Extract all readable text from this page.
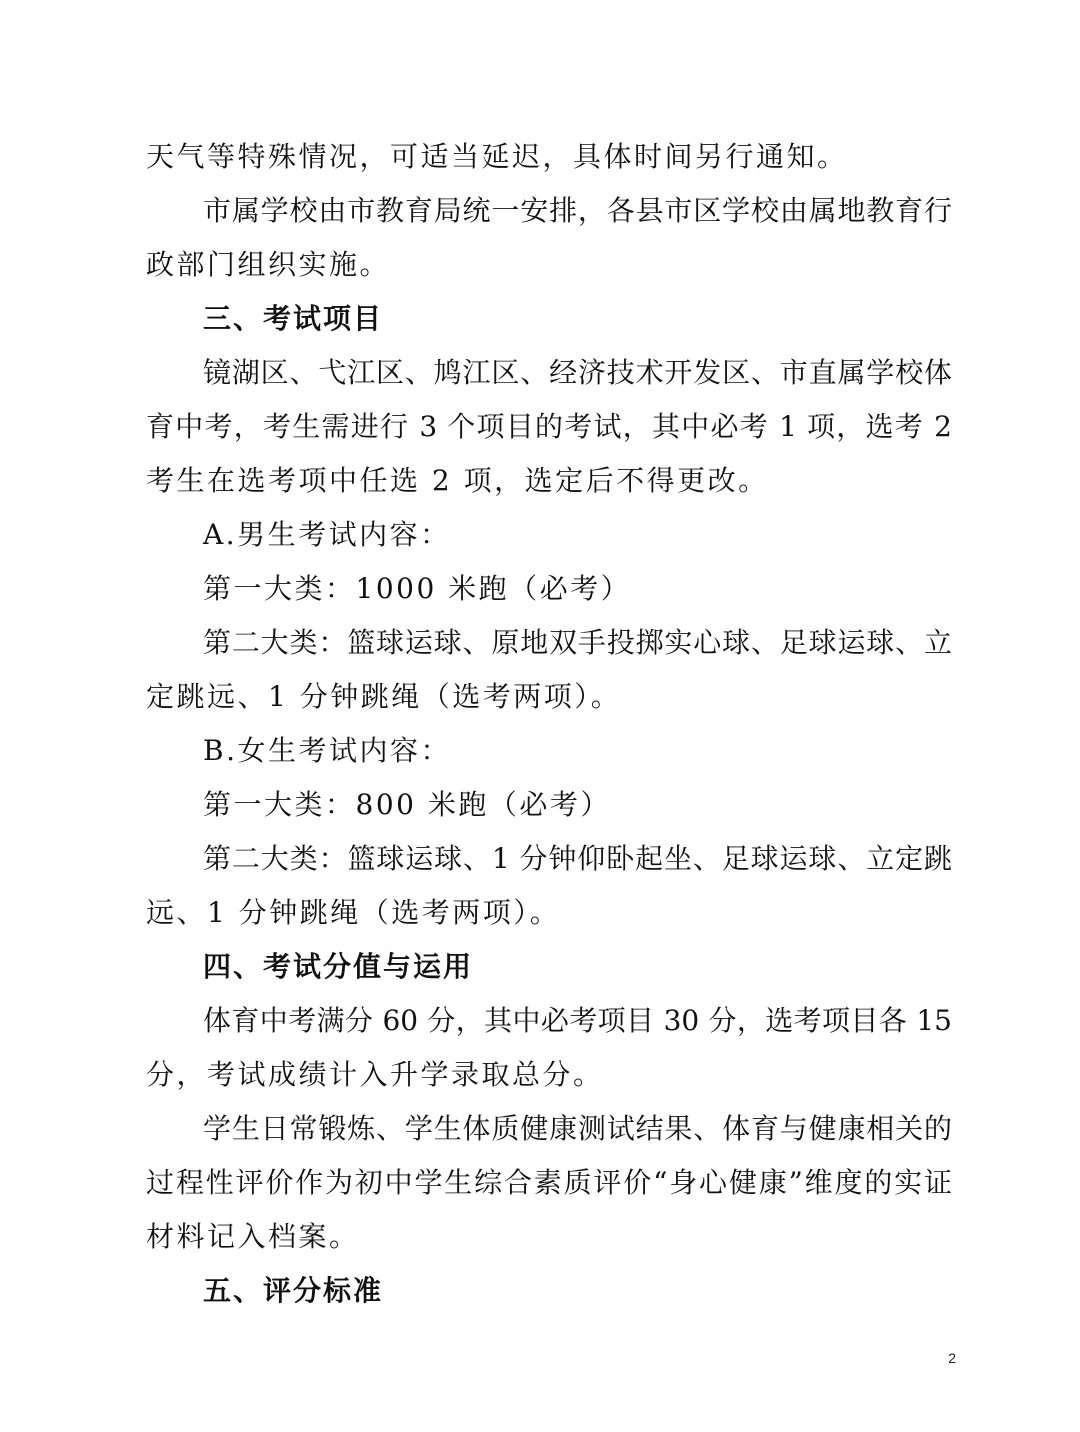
天气等特殊情况，可适当延迟，具体时间另行通知。
市属学校由市教育局统一安排，各县市区学校由属地教育行
政部门组织实施。
三、考试项目
镜湖区、弋江区、鸠江区、经济技术开发区、市直属学校体
育中考，考生需进行 3 个项目的考试，其中必考 1 项，选考 2
考生在选考项中任选 2 项，选定后不得更改。
A.男生考试内容：
第一大类：1000 米跑（必考）
第二大类：篮球运球、原地双手投掷实心球、足球运球、立
定跳远、1 分钟跳绳（选考两项）。
B.女生考试内容：
第一大类：800 米跑（必考）
第二大类：篮球运球、1 分钟仰卧起坐、足球运球、立定跳
远、1 分钟跳绳（选考两项）。
四、考试分值与运用
体育中考满分 60 分，其中必考项目 30 分，选考项目各 15
分，考试成绩计入升学录取总分。
学生日常锻炼、学生体质健康测试结果、体育与健康相关的
过程性评价作为初中学生综合素质评价“身心健康”维度的实证
材料记入档案。
五、评分标准
2
